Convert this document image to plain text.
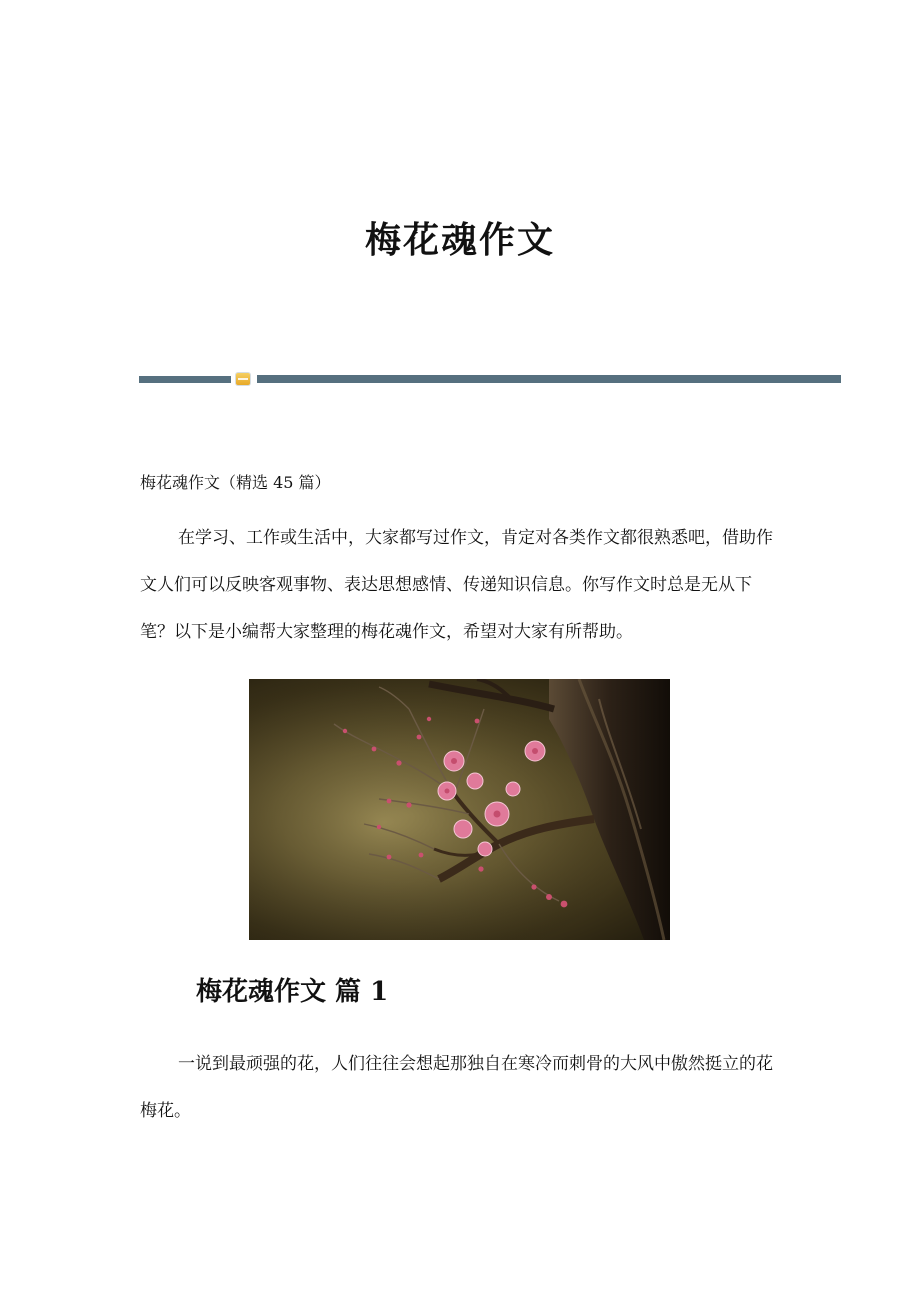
梅花魂作文
梅花魂作文（精选 45 篇）

在学习、工作或生活中，大家都写过作文，肯定对各类作文都很熟悉吧，借助作文人们可以反映客观事物、表达思想感情、传递知识信息。你写作文时总是无从下笔？以下是小编帮大家整理的梅花魂作文，希望对大家有所帮助。

梅花魂作文 篇 1

一说到最顽强的花，人们往往会想起那独自在寒冷而刺骨的大风中傲然挺立的花梅花。
